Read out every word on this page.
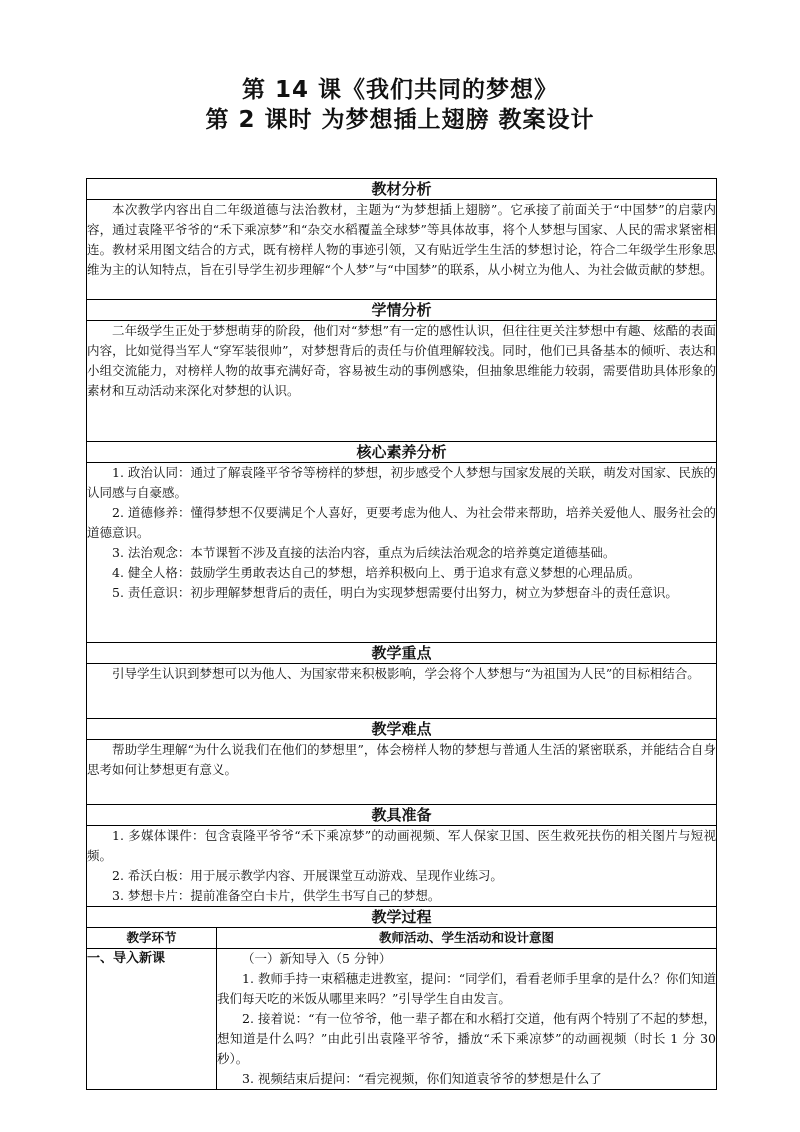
第 14 课《我们共同的梦想》
第 2 课时 为梦想插上翅膀 教案设计
教材分析	

本次教学内容出自二年级道德与法治教材，主题为“为梦想插上翅膀”。它承接了前面关于“中国梦”的启蒙内容，通过袁隆平爷爷的“禾下乘凉梦”和“杂交水稻覆盖全球梦”等具体故事，将个人梦想与国家、人民的需求紧密相连。教材采用图文结合的方式，既有榜样人物的事迹引领，又有贴近学生生活的梦想讨论，符合二年级学生形象思维为主的认知特点，旨在引导学生初步理解“个人梦”与“中国梦”的联系，从小树立为他人、为社会做贡献的梦想。	

学情分析	

二年级学生正处于梦想萌芽的阶段，他们对“梦想”有一定的感性认识，但往往更关注梦想中有趣、炫酷的表面内容，比如觉得当军人“穿军装很帅”，对梦想背后的责任与价值理解较浅。同时，他们已具备基本的倾听、表达和小组交流能力，对榜样人物的故事充满好奇，容易被生动的事例感染，但抽象思维能力较弱，需要借助具体形象的素材和互动活动来深化对梦想的认识。	

核心素养分析	

1. 政治认同：通过了解袁隆平爷爷等榜样的梦想，初步感受个人梦想与国家发展的关联，萌发对国家、民族的认同感与自豪感。

2. 道德修养：懂得梦想不仅要满足个人喜好，更要考虑为他人、为社会带来帮助，培养关爱他人、服务社会的道德意识。

3. 法治观念：本节课暂不涉及直接的法治内容，重点为后续法治观念的培养奠定道德基础。

4. 健全人格：鼓励学生勇敢表达自己的梦想，培养积极向上、勇于追求有意义梦想的心理品质。

5. 责任意识：初步理解梦想背后的责任，明白为实现梦想需要付出努力，树立为梦想奋斗的责任意识。	

教学重点	

引导学生认识到梦想可以为他人、为国家带来积极影响，学会将个人梦想与“为祖国为人民”的目标相结合。	

教学难点	

帮助学生理解“为什么说我们在他们的梦想里”，体会榜样人物的梦想与普通人生活的紧密联系，并能结合自身思考如何让梦想更有意义。	

教具准备	

1. 多媒体课件：包含袁隆平爷爷“禾下乘凉梦”的动画视频、军人保家卫国、医生救死扶伤的相关图片与短视频。

2. 希沃白板：用于展示教学内容、开展课堂互动游戏、呈现作业练习。

3. 梦想卡片：提前准备空白卡片，供学生书写自己的梦想。	

教学过程	
教学环节	教师活动、学生活动和设计意图
一、导入新课	（一）新知导入（5 分钟）

1. 教师手持一束稻穗走进教室，提问：“同学们，看看老师手里拿的是什么？你们知道我们每天吃的米饭从哪里来吗？”引导学生自由发言。

2. 接着说：“有一位爷爷，他一辈子都在和水稻打交道，他有两个特别了不起的梦想，想知道是什么吗？”由此引出袁隆平爷爷，播放“禾下乘凉梦”的动画视频（时长 1 分 30 秒）。

3. 视频结束后提问：“看完视频，你们知道袁爷爷的梦想是什么了
